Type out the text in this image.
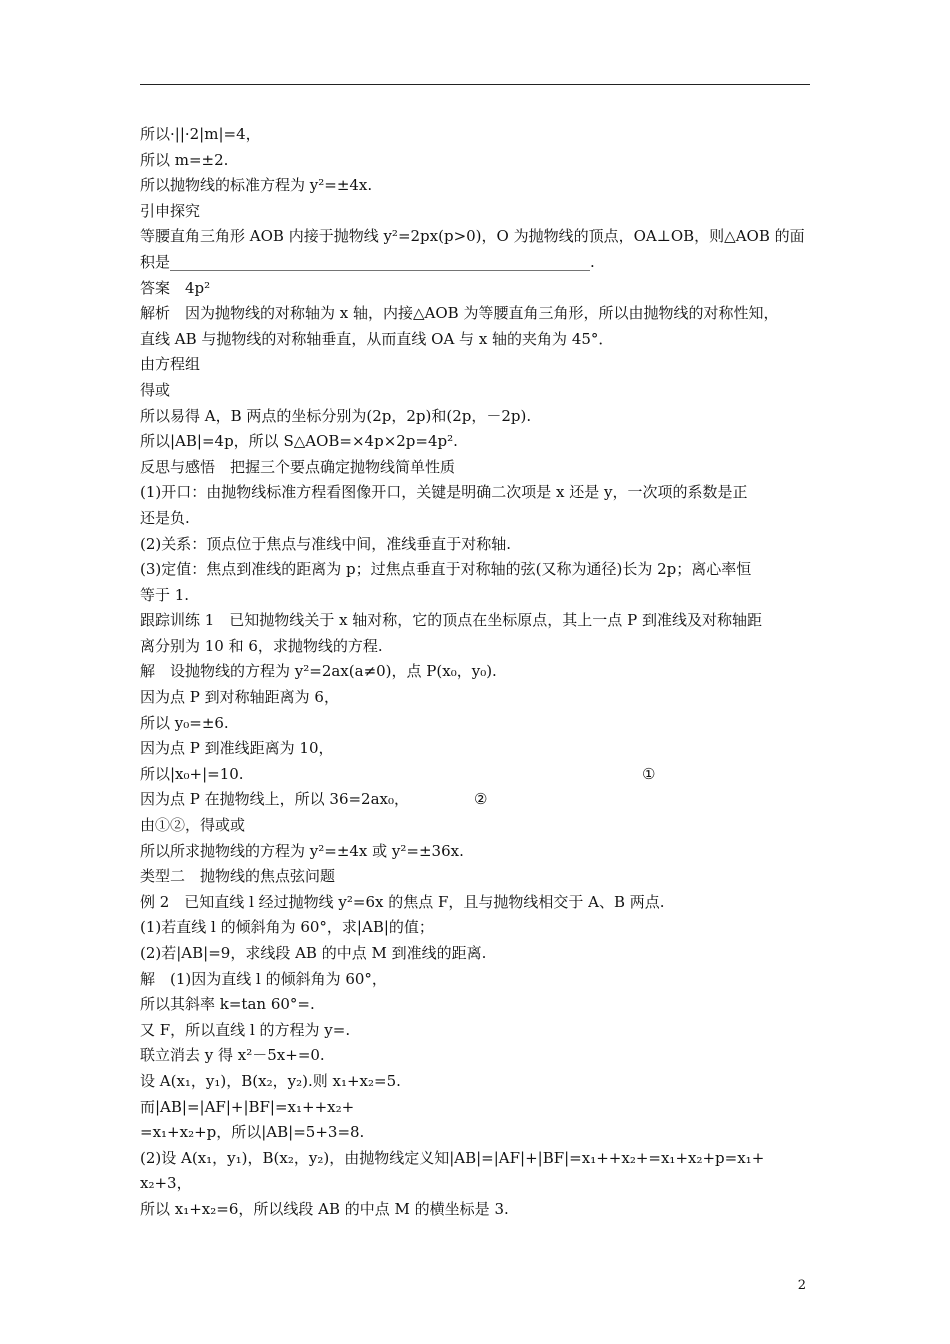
所以·||·2|m|=4，
所以 m=±2.
所以抛物线的标准方程为 y²=±4x.
引申探究
等腰直角三角形 AOB 内接于抛物线 y²=2px(p>0)，O 为抛物线的顶点，OA⊥OB，则△AOB 的面
积是________________________________________________________.
答案　4p²
解析　因为抛物线的对称轴为 x 轴，内接△AOB 为等腰直角三角形，所以由抛物线的对称性知，
直线 AB 与抛物线的对称轴垂直，从而直线 OA 与 x 轴的夹角为 45°．
由方程组
得或
所以易得 A，B 两点的坐标分别为(2p，2p)和(2p，－2p).
所以|AB|=4p，所以 S△AOB=×4p×2p=4p².
反思与感悟　把握三个要点确定抛物线简单性质
(1)开口：由抛物线标准方程看图像开口，关键是明确二次项是 x 还是 y，一次项的系数是正
还是负.
(2)关系：顶点位于焦点与准线中间，准线垂直于对称轴.
(3)定值：焦点到准线的距离为 p；过焦点垂直于对称轴的弦(又称为通径)长为 2p；离心率恒
等于 1.
跟踪训练 1　已知抛物线关于 x 轴对称，它的顶点在坐标原点，其上一点 P 到准线及对称轴距
离分别为 10 和 6，求抛物线的方程.
解　设抛物线的方程为 y²=2ax(a≠0)，点 P(x₀，y₀).
因为点 P 到对称轴距离为 6，
所以 y₀=±6.
因为点 P 到准线距离为 10，
所以|x₀+|=10.	①
因为点 P 在抛物线上，所以 36=2ax₀，	②
由①②，得或或
所以所求抛物线的方程为 y²=±4x 或 y²=±36x.
类型二　抛物线的焦点弦问题
例 2　已知直线 l 经过抛物线 y²=6x 的焦点 F，且与抛物线相交于 A、B 两点.
(1)若直线 l 的倾斜角为 60°，求|AB|的值；
(2)若|AB|=9，求线段 AB 的中点 M 到准线的距离.
解　(1)因为直线 l 的倾斜角为 60°，
所以其斜率 k=tan 60°=.
又 F，所以直线 l 的方程为 y=.
联立消去 y 得 x²－5x+=0.
设 A(x₁，y₁)，B(x₂，y₂).则 x₁+x₂=5.
而|AB|=|AF|+|BF|=x₁++x₂+
=x₁+x₂+p，所以|AB|=5+3=8.
(2)设 A(x₁，y₁)，B(x₂，y₂)，由抛物线定义知|AB|=|AF|+|BF|=x₁++x₂+=x₁+x₂+p=x₁+
x₂+3，
所以 x₁+x₂=6，所以线段 AB 的中点 M 的横坐标是 3.
2
